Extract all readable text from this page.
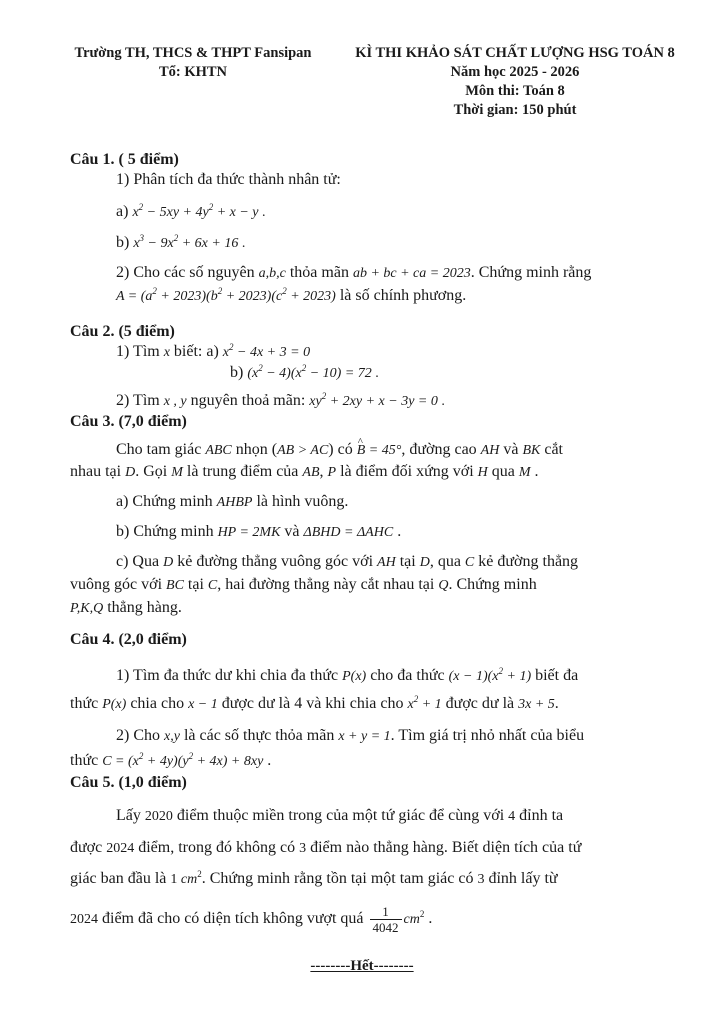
Trường TH, THCS & THPT Fansipan
Tổ: KHTN
KÌ THI KHẢO SÁT CHẤT LƯỢNG HSG TOÁN 8
Năm học 2025 - 2026
Môn thi: Toán 8
Thời gian: 150 phút
Câu 1. ( 5 điểm)
1) Phân tích đa thức thành nhân tử:
a) $x^2 - 5xy + 4y^2 + x - y$ .
b) $x^3 - 9x^2 + 6x + 16$ .
2) Cho các số nguyên a,b,c thỏa mãn ab + bc + ca = 2023. Chứng minh rằng
$A = (a^2 + 2023)(b^2 + 2023)(c^2 + 2023)$ là số chính phương.
Câu 2. (5 điểm)
1) Tìm x biết: a) $x^2 - 4x + 3 = 0$
b) $(x^2 - 4)(x^2 - 10) = 72$ .
2) Tìm x , y nguyên thoả mãn: $xy^2 + 2xy + x - 3y = 0$ .
Câu 3. (7,0 điểm)
Cho tam giác ABC nhọn (AB > AC) có ^ B = 45°, đường cao AH và BK cắt
nhau tại D. Gọi M là trung điểm của AB, P là điểm đối xứng với H qua M .
a) Chứng minh AHBP là hình vuông.
b) Chứng minh HP = 2MK và ΔBHD = ΔAHC .
c) Qua D kẻ đường thẳng vuông góc với AH tại D, qua C kẻ đường thẳng
vuông góc với BC tại C, hai đường thẳng này cắt nhau tại Q. Chứng minh
P,K,Q thẳng hàng.
Câu 4. (2,0 điểm)
1) Tìm đa thức dư khi chia đa thức P(x) cho đa thức $(x - 1)(x^2 + 1)$ biết đa
thức P(x) chia cho x − 1 được dư là 4 và khi chia cho $x^2 + 1$ được dư là 3x + 5.
2) Cho x,y là các số thực thỏa mãn x + y = 1. Tìm giá trị nhỏ nhất của biểu
thức $C = (x^2 + 4y)(y^2 + 4x) + 8xy$ .
Câu 5. (1,0 điểm)
Lấy 2020 điểm thuộc miền trong của một tứ giác để cùng với 4 đỉnh ta
được 2024 điểm, trong đó không có 3 điểm nào thẳng hàng. Biết diện tích của tứ
giác ban đầu là 1 $cm^2$. Chứng minh rằng tồn tại một tam giác có 3 đỉnh lấy từ
2024 điểm đã cho có diện tích không vượt quá $\frac{1}{4042} cm^2$ .
--------Hết--------
